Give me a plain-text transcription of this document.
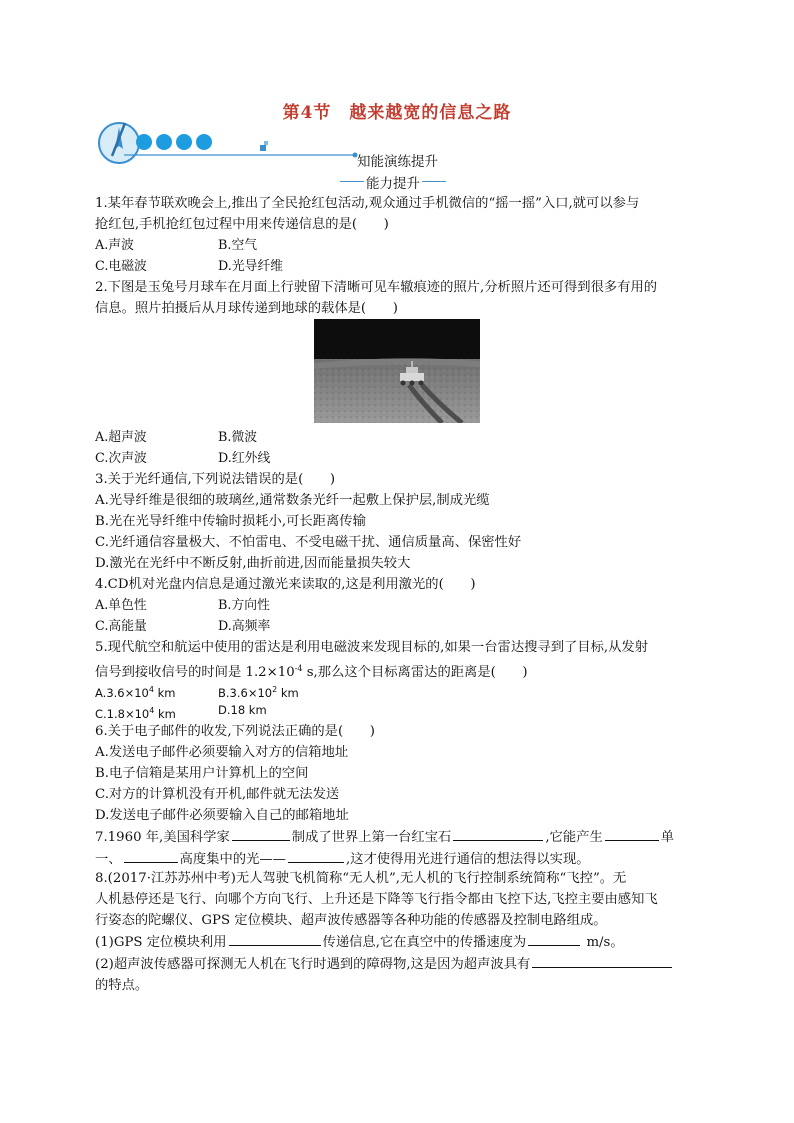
第4节　越来越宽的信息之路
知能演练提升
能力提升

1.某年春节联欢晚会上,推出了全民抢红包活动,观众通过手机微信的“摇一摇”入口,就可以参与

抢红包,手机抢红包过程中用来传递信息的是(　　)

A.声波	B.空气
C.电磁波	D.光导纤维

2.下图是玉兔号月球车在月面上行驶留下清晰可见车辙痕迹的照片,分析照片还可得到很多有用的

信息。照片拍摄后从月球传递到地球的载体是(　　)

A.超声波	B.微波
C.次声波	D.红外线

3.关于光纤通信,下列说法错误的是(　　)

A.光导纤维是很细的玻璃丝,通常数条光纤一起敷上保护层,制成光缆

B.光在光导纤维中传输时损耗小,可长距离传输

C.光纤通信容量极大、不怕雷电、不受电磁干扰、通信质量高、保密性好

D.激光在光纤中不断反射,曲折前进,因而能量损失较大

4.CD机对光盘内信息是通过激光来读取的,这是利用激光的(　　)

A.单色性	B.方向性
C.高能量	D.高频率

5.现代航空和航运中使用的雷达是利用电磁波来发现目标的,如果一台雷达搜寻到了目标,从发射

信号到接收信号的时间是 $1.2\times 10^{-4}$ s,那么这个目标离雷达的距离是(　　)

$A.3.6\times 10^4$ km	$B.3.6\times 10^2$ km
$C.1.8\times 10^4$ km	D.18 km

6.关于电子邮件的收发,下列说法正确的是(　　)

A.发送电子邮件必须要输入对方的信箱地址

B.电子信箱是某用户计算机上的空间

C.对方的计算机没有开机,邮件就无法发送

D.发送电子邮件必须要输入自己的邮箱地址

7.1960 年,美国科学家	制成了世界上第一台红宝石	,它能产生	单

一、	高度集中的光——	,这才使得用光进行通信的想法得以实现。

8.(2017·江苏苏州中考)无人驾驶飞机简称“无人机”,无人机的飞行控制系统简称“飞控”。无

人机悬停还是飞行、向哪个方向飞行、上升还是下降等飞行指令都由飞控下达,飞控主要由感知飞

行姿态的陀螺仪、GPS 定位模块、超声波传感器等各种功能的传感器及控制电路组成。

(1)GPS 定位模块利用	传递信息,它在真空中的传播速度为	m/s。

(2)超声波传感器可探测无人机在飞行时遇到的障碍物,这是因为超声波具有

的特点。
